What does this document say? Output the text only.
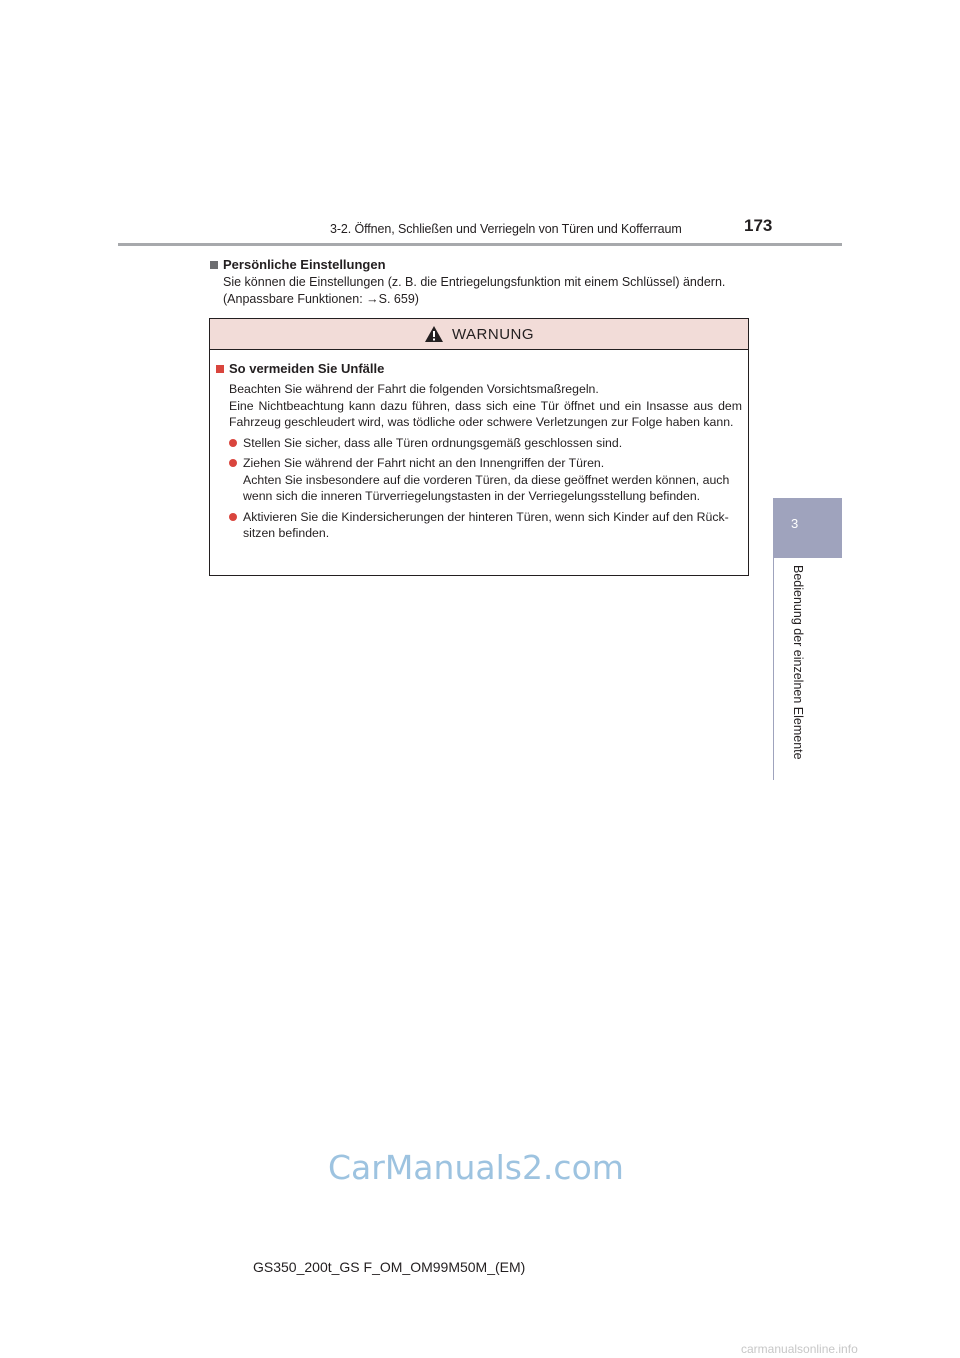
3-2. Öffnen, Schließen und Verriegeln von Türen und Kofferraum	173
3
Bedienung der einzelnen Elemente
Persönliche Einstellungen

Sie können die Einstellungen (z. B. die Entriegelungsfunktion mit einem Schlüssel) ändern.

(Anpassbare Funktionen: →S. 659)

WARNUNG
So vermeiden Sie Unfälle

Beachten Sie während der Fahrt die folgenden Vorsichtsmaßregeln.

Eine Nichtbeachtung kann dazu führen, dass sich eine Tür öffnet und ein Insasse aus dem Fahrzeug geschleudert wird, was tödliche oder schwere Verletzungen zur Folge haben kann.

Stellen Sie sicher, dass alle Türen ordnungsgemäß geschlossen sind.

Ziehen Sie während der Fahrt nicht an den Innengriffen der Türen.

Achten Sie insbesondere auf die vorderen Türen, da diese geöffnet werden können, auch wenn sich die inneren Türverriegelungstasten in der Verriegelungsstellung befinden.

Aktivieren Sie die Kindersicherungen der hinteren Türen, wenn sich Kinder auf den Rück-sitzen befinden.

CarManuals2.com
GS350_200t_GS F_OM_OM99M50M_(EM)
carmanualsonline.info
